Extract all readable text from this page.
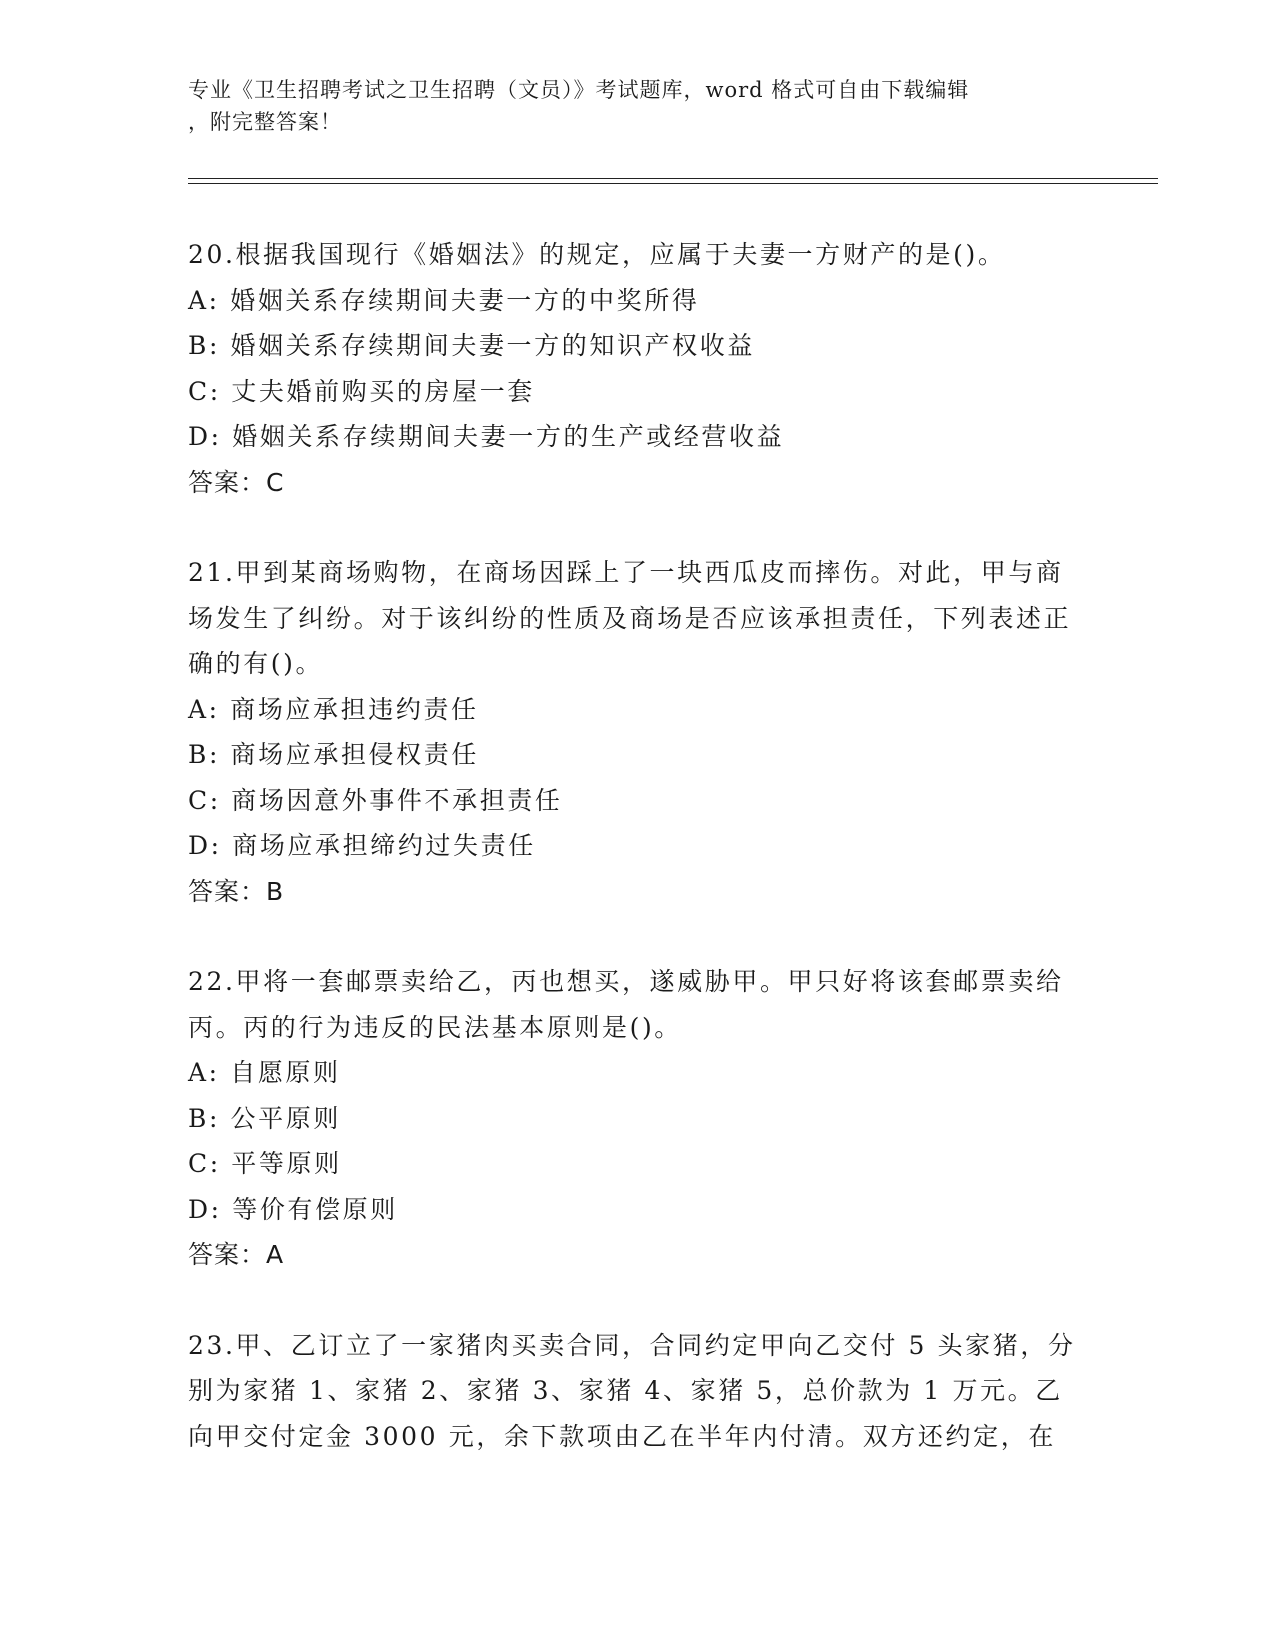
专业《卫生招聘考试之卫生招聘（文员）》考试题库，word 格式可自由下载编辑
，附完整答案！
20.根据我国现行《婚姻法》的规定，应属于夫妻一方财产的是()。
A: 婚姻关系存续期间夫妻一方的中奖所得
B: 婚姻关系存续期间夫妻一方的知识产权收益
C: 丈夫婚前购买的房屋一套
D: 婚姻关系存续期间夫妻一方的生产或经营收益
答案：C
21.甲到某商场购物，在商场因踩上了一块西瓜皮而摔伤。对此，甲与商场发生了纠纷。对于该纠纷的性质及商场是否应该承担责任，下列表述正确的有()。
A: 商场应承担违约责任
B: 商场应承担侵权责任
C: 商场因意外事件不承担责任
D: 商场应承担缔约过失责任
答案：B
22.甲将一套邮票卖给乙，丙也想买，遂威胁甲。甲只好将该套邮票卖给丙。丙的行为违反的民法基本原则是()。
A: 自愿原则
B: 公平原则
C: 平等原则
D: 等价有偿原则
答案：A
23.甲、乙订立了一家猪肉买卖合同，合同约定甲向乙交付 5 头家猪，分别为家猪 1、家猪 2、家猪 3、家猪 4、家猪 5，总价款为 1 万元。乙向甲交付定金 3000 元，余下款项由乙在半年内付清。双方还约定，在
